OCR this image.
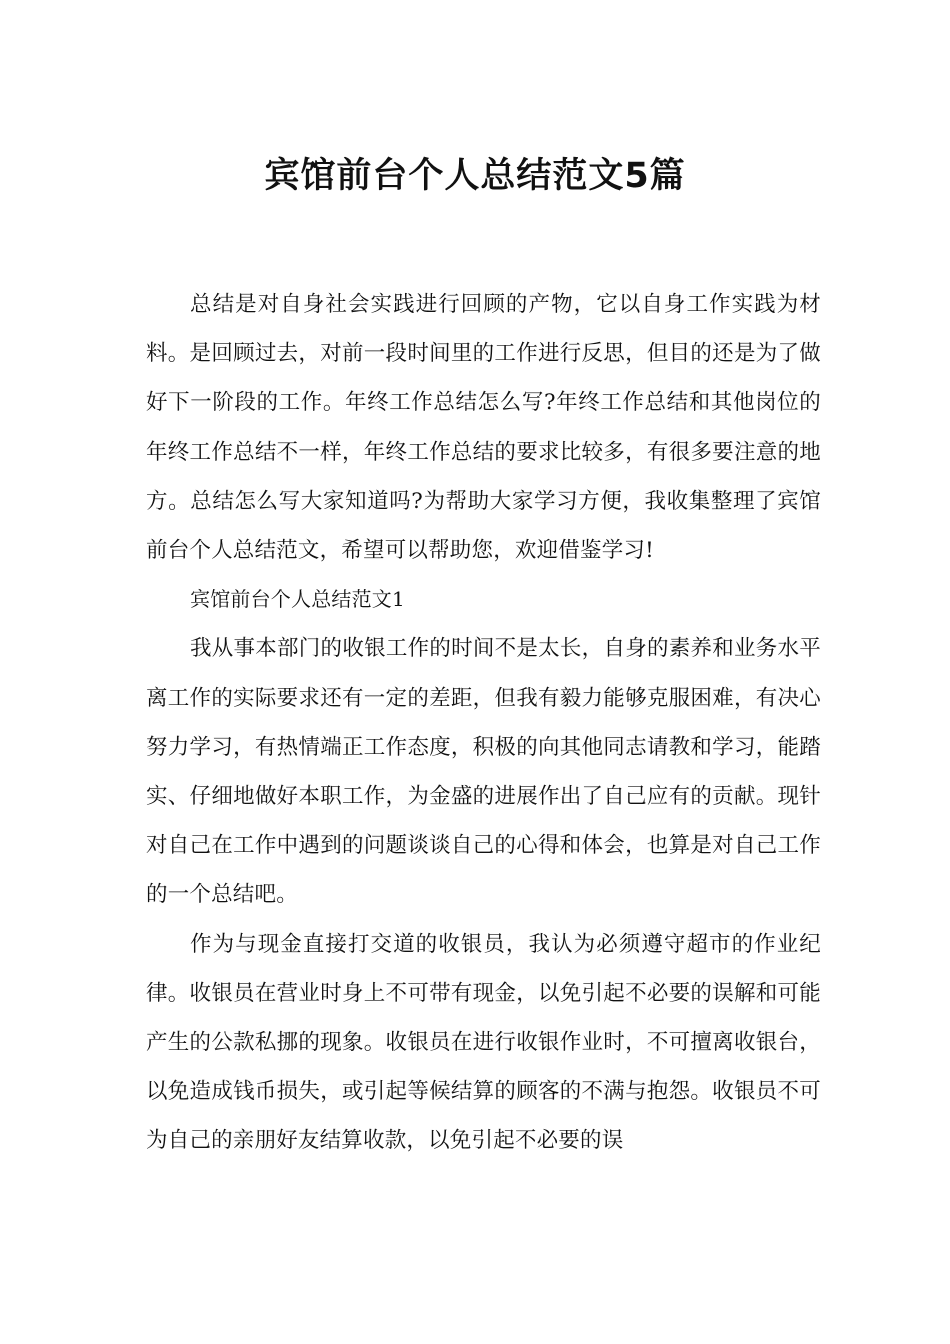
宾馆前台个人总结范文5篇

总结是对自身社会实践进行回顾的产物，它以自身工作实践为材料。是回顾过去，对前一段时间里的工作进行反思，但目的还是为了做好下一阶段的工作。年终工作总结怎么写?年终工作总结和其他岗位的年终工作总结不一样，年终工作总结的要求比较多，有很多要注意的地方。总结怎么写大家知道吗?为帮助大家学习方便，我收集整理了宾馆前台个人总结范文，希望可以帮助您，欢迎借鉴学习!

宾馆前台个人总结范文1

我从事本部门的收银工作的时间不是太长，自身的素养和业务水平离工作的实际要求还有一定的差距，但我有毅力能够克服困难，有决心努力学习，有热情端正工作态度，积极的向其他同志请教和学习，能踏实、仔细地做好本职工作，为金盛的进展作出了自己应有的贡献。现针对自己在工作中遇到的问题谈谈自己的心得和体会，也算是对自己工作的一个总结吧。

作为与现金直接打交道的收银员，我认为必须遵守超市的作业纪律。收银员在营业时身上不可带有现金，以免引起不必要的误解和可能产生的公款私挪的现象。收银员在进行收银作业时，不可擅离收银台，以免造成钱币损失，或引起等候结算的顾客的不满与抱怨。收银员不可为自己的亲朋好友结算收款，以免引起不必要的误
